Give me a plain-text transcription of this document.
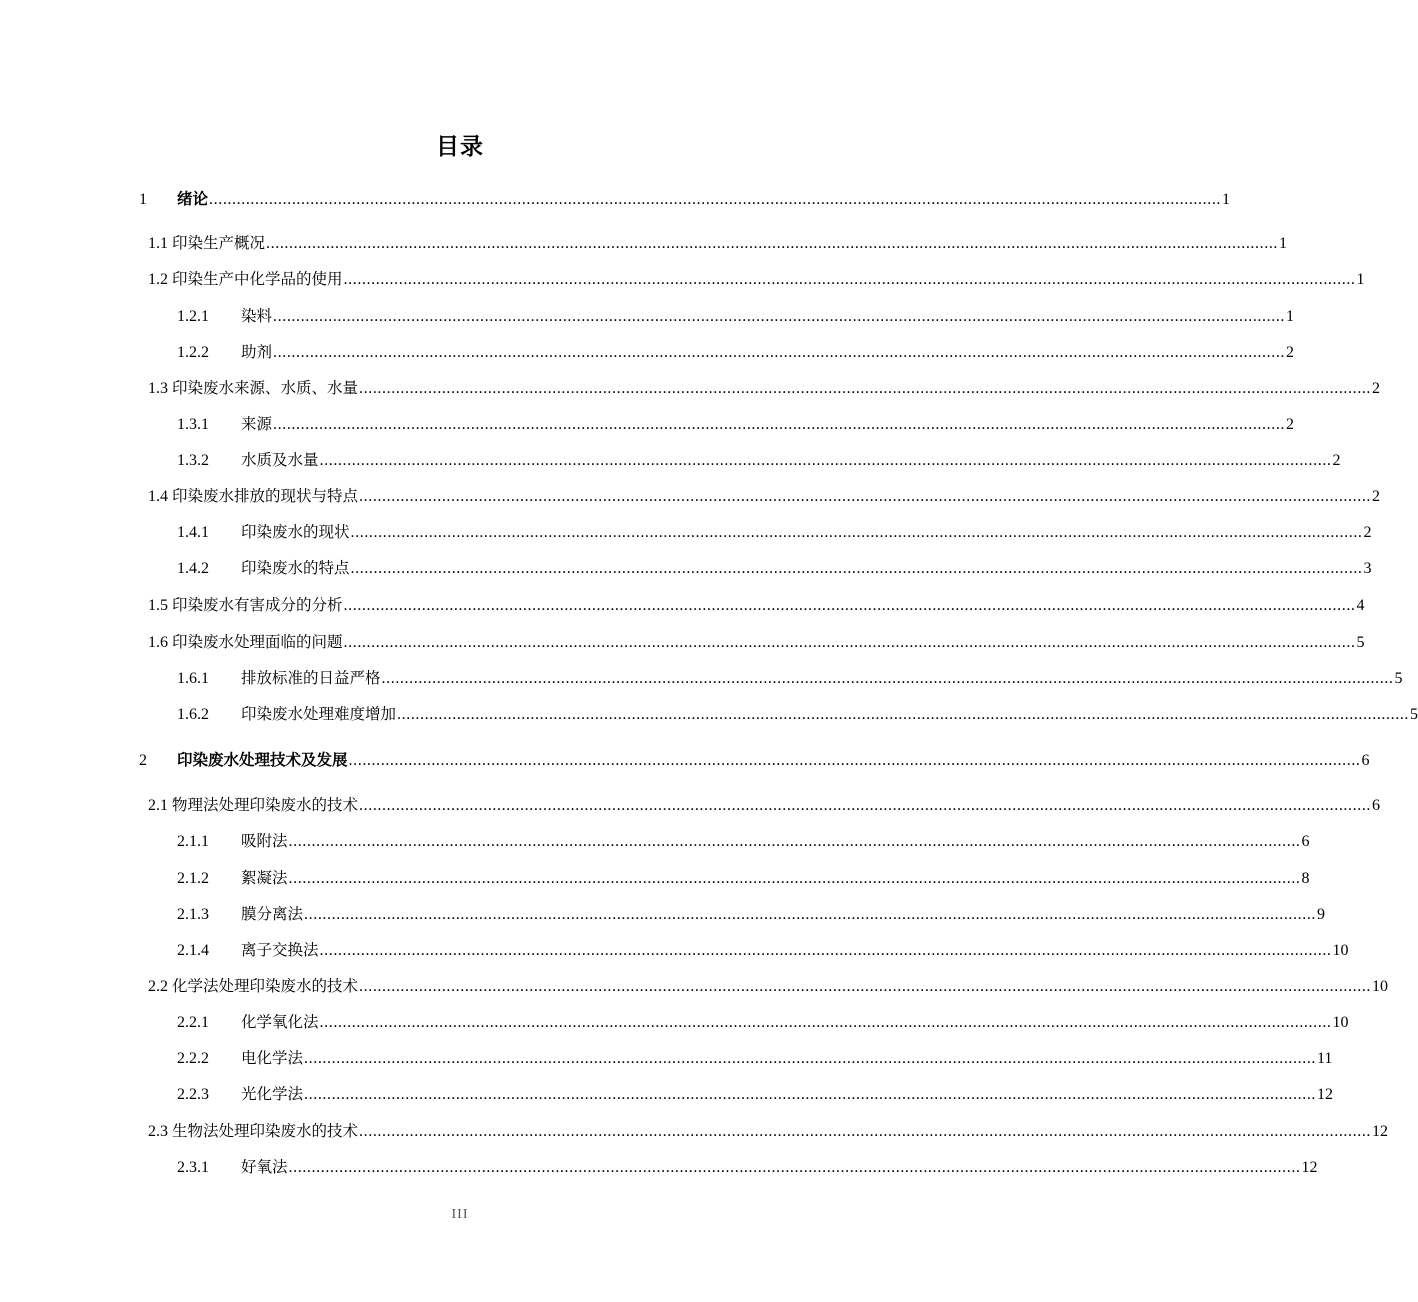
目录
1	绪论 ............................................................................................................................................................................................................................ 1
1.1 印染生产概况 ............................................................................................................................................................................................................................ 1
1.2 印染生产中化学品的使用 ............................................................................................................................................................................................................................ 1
1.2.1	染料 ............................................................................................................................................................................................................................ 1
1.2.2	助剂 ............................................................................................................................................................................................................................ 2
1.3 印染废水来源、水质、水量 ............................................................................................................................................................................................................................ 2
1.3.1	来源 ............................................................................................................................................................................................................................ 2
1.3.2	水质及水量 ............................................................................................................................................................................................................................ 2
1.4 印染废水排放的现状与特点 ............................................................................................................................................................................................................................ 2
1.4.1	印染废水的现状 ............................................................................................................................................................................................................................ 2
1.4.2	印染废水的特点 ............................................................................................................................................................................................................................ 3
1.5 印染废水有害成分的分析 ............................................................................................................................................................................................................................ 4
1.6 印染废水处理面临的问题 ............................................................................................................................................................................................................................ 5
1.6.1	排放标准的日益严格 ............................................................................................................................................................................................................................ 5
1.6.2	印染废水处理难度增加 ............................................................................................................................................................................................................................ 5
2	印染废水处理技术及发展 ............................................................................................................................................................................................................................ 6
2.1 物理法处理印染废水的技术 ............................................................................................................................................................................................................................ 6
2.1.1	吸附法 ............................................................................................................................................................................................................................ 6
2.1.2	絮凝法 ............................................................................................................................................................................................................................ 8
2.1.3	膜分离法 ............................................................................................................................................................................................................................ 9
2.1.4	离子交换法 ............................................................................................................................................................................................................................ 10
2.2 化学法处理印染废水的技术 ............................................................................................................................................................................................................................ 10
2.2.1	化学氧化法 ............................................................................................................................................................................................................................ 10
2.2.2	电化学法 ............................................................................................................................................................................................................................ 11
2.2.3	光化学法 ............................................................................................................................................................................................................................ 12
2.3 生物法处理印染废水的技术 ............................................................................................................................................................................................................................ 12
2.3.1	好氧法 ............................................................................................................................................................................................................................ 12
III
